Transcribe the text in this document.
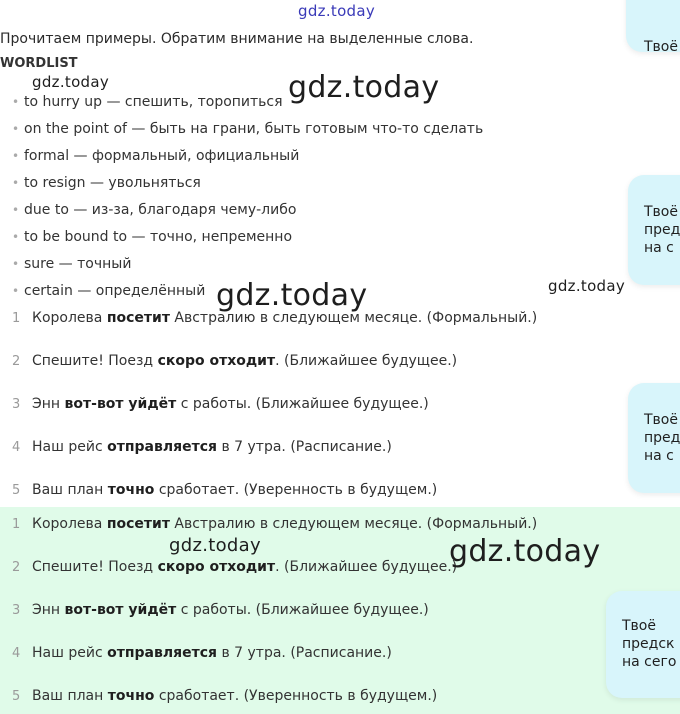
gdz.today
Прочитаем примеры. Обратим внимание на выделенные слова.
WORDLIST
• to hurry up — спешить, торопиться
• on the point of — быть на грани, быть готовым что-то сделать
• formal — формальный, официальный
• to resign — увольняться
• due to — из-за, благодаря чему-либо
• to be bound to — точно, непременно
• sure — точный
• certain — определённый
1 Королева посетит Австралию в следующем месяце. (Формальный.)
2 Спешите! Поезд скоро отходит. (Ближайшее будущее.)
3 Энн вот-вот уйдёт с работы. (Ближайшее будущее.)
4 Наш рейс отправляется в 7 утра. (Расписание.)
5 Ваш план точно сработает. (Уверенность в будущем.)
1 Королева посетит Австралию в следующем месяце. (Формальный.)
2 Спешите! Поезд скоро отходит. (Ближайшее будущее.)
3 Энн вот-вот уйдёт с работы. (Ближайшее будущее.)
4 Наш рейс отправляется в 7 утра. (Расписание.)
5 Ваш план точно сработает. (Уверенность в будущем.)
Твоё
Твоё
пред
на с
Твоё
пред
на с
Твоё
предск
на сего
gdz.today	gdz.today
gdz.today	gdz.today
gdz.today	gdz.today
